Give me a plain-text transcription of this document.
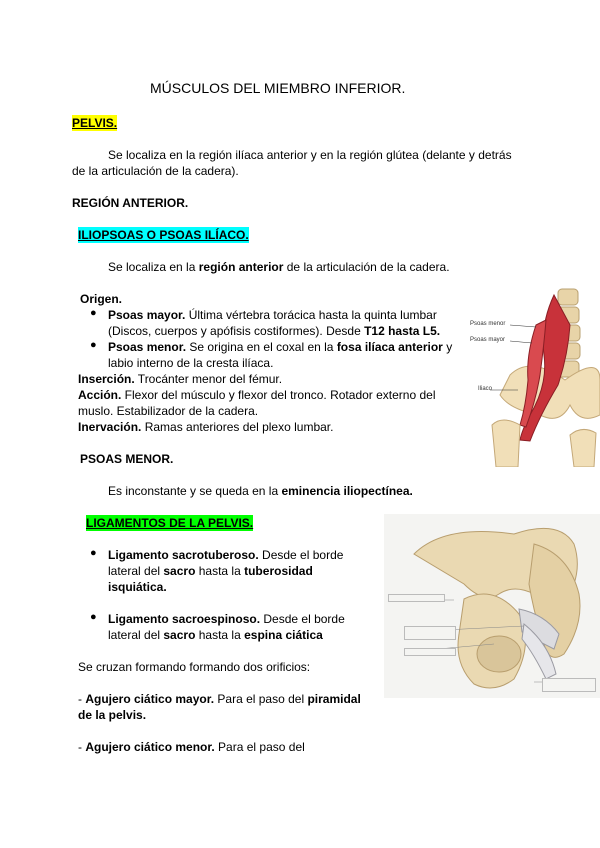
MÚSCULOS DEL MIEMBRO INFERIOR.
PELVIS.
Se localiza en la región ilíaca anterior y en la región glútea (delante y detrás
de la articulación de la cadera).
REGIÓN ANTERIOR.
ILIOPSOAS O PSOAS ILÍACO.
Se localiza en la región anterior de la articulación de la cadera.
Origen.
● Psoas mayor. Última vértebra torácica hasta la quinta lumbar
(Discos, cuerpos y apófisis costiformes). Desde T12 hasta L5.
● Psoas menor. Se origina en el coxal en la fosa ilíaca anterior y
labio interno de la cresta ilíaca.
Inserción. Trocánter menor del fémur.
Acción. Flexor del músculo y flexor del tronco. Rotador externo del
muslo. Estabilizador de la cadera.
Inervación. Ramas anteriores del plexo lumbar.
Psoas menor
Psoas mayor
Iliaco
PSOAS MENOR.
Es inconstante y se queda en la eminencia iliopectínea.
LIGAMENTOS DE LA PELVIS.
● Ligamento sacrotuberoso. Desde el borde
lateral del sacro hasta la tuberosidad
isquiática.
● Ligamento sacroespinoso. Desde el borde
lateral del sacro hasta la espina ciática
Se cruzan formando formando dos orificios:
- Agujero ciático mayor. Para el paso del piramidal
de la pelvis.
- Agujero ciático menor. Para el paso del
